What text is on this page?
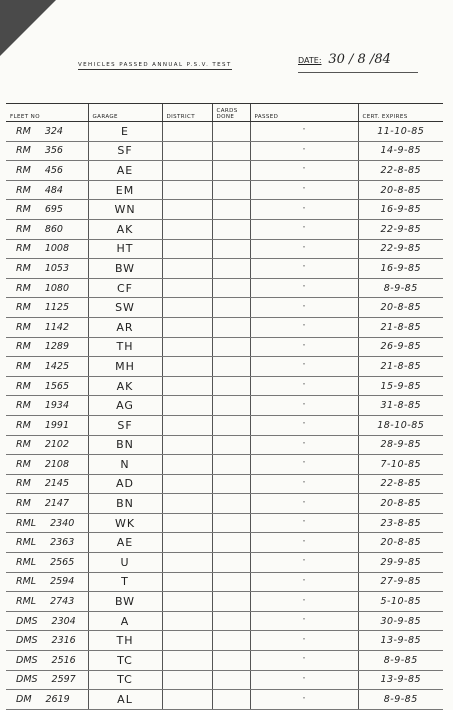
VEHICLES PASSED ANNUAL P.S.V. TEST	DATE: 30 / 8 /84
FLEET NO	GARAGE	DISTRICT	CARDS DONE	PASSED	CERT. EXPIRES
RM 324	E			"	11-10-85
RM 356	SF			"	14-9-85
RM 456	AE			"	22-8-85
RM 484	EM			"	20-8-85
RM 695	WN			"	16-9-85
RM 860	AK			"	22-9-85
RM 1008	HT			"	22-9-85
RM 1053	BW			"	16-9-85
RM 1080	CF			"	8-9-85
RM 1125	SW			"	20-8-85
RM 1142	AR			"	21-8-85
RM 1289	TH			"	26-9-85
RM 1425	MH			"	21-8-85
RM 1565	AK			"	15-9-85
RM 1934	AG			"	31-8-85
RM 1991	SF			"	18-10-85
RM 2102	BN			"	28-9-85
RM 2108	N			"	7-10-85
RM 2145	AD			"	22-8-85
RM 2147	BN			"	20-8-85
RML 2340	WK			"	23-8-85
RML 2363	AE			"	20-8-85
RML 2565	U			"	29-9-85
RML 2594	T			"	27-9-85
RML 2743	BW			"	5-10-85
DMS 2304	A			"	30-9-85
DMS 2316	TH			"	13-9-85
DMS 2516	TC			"	8-9-85
DMS 2597	TC			"	13-9-85
DM 2619	AL			"	8-9-85
